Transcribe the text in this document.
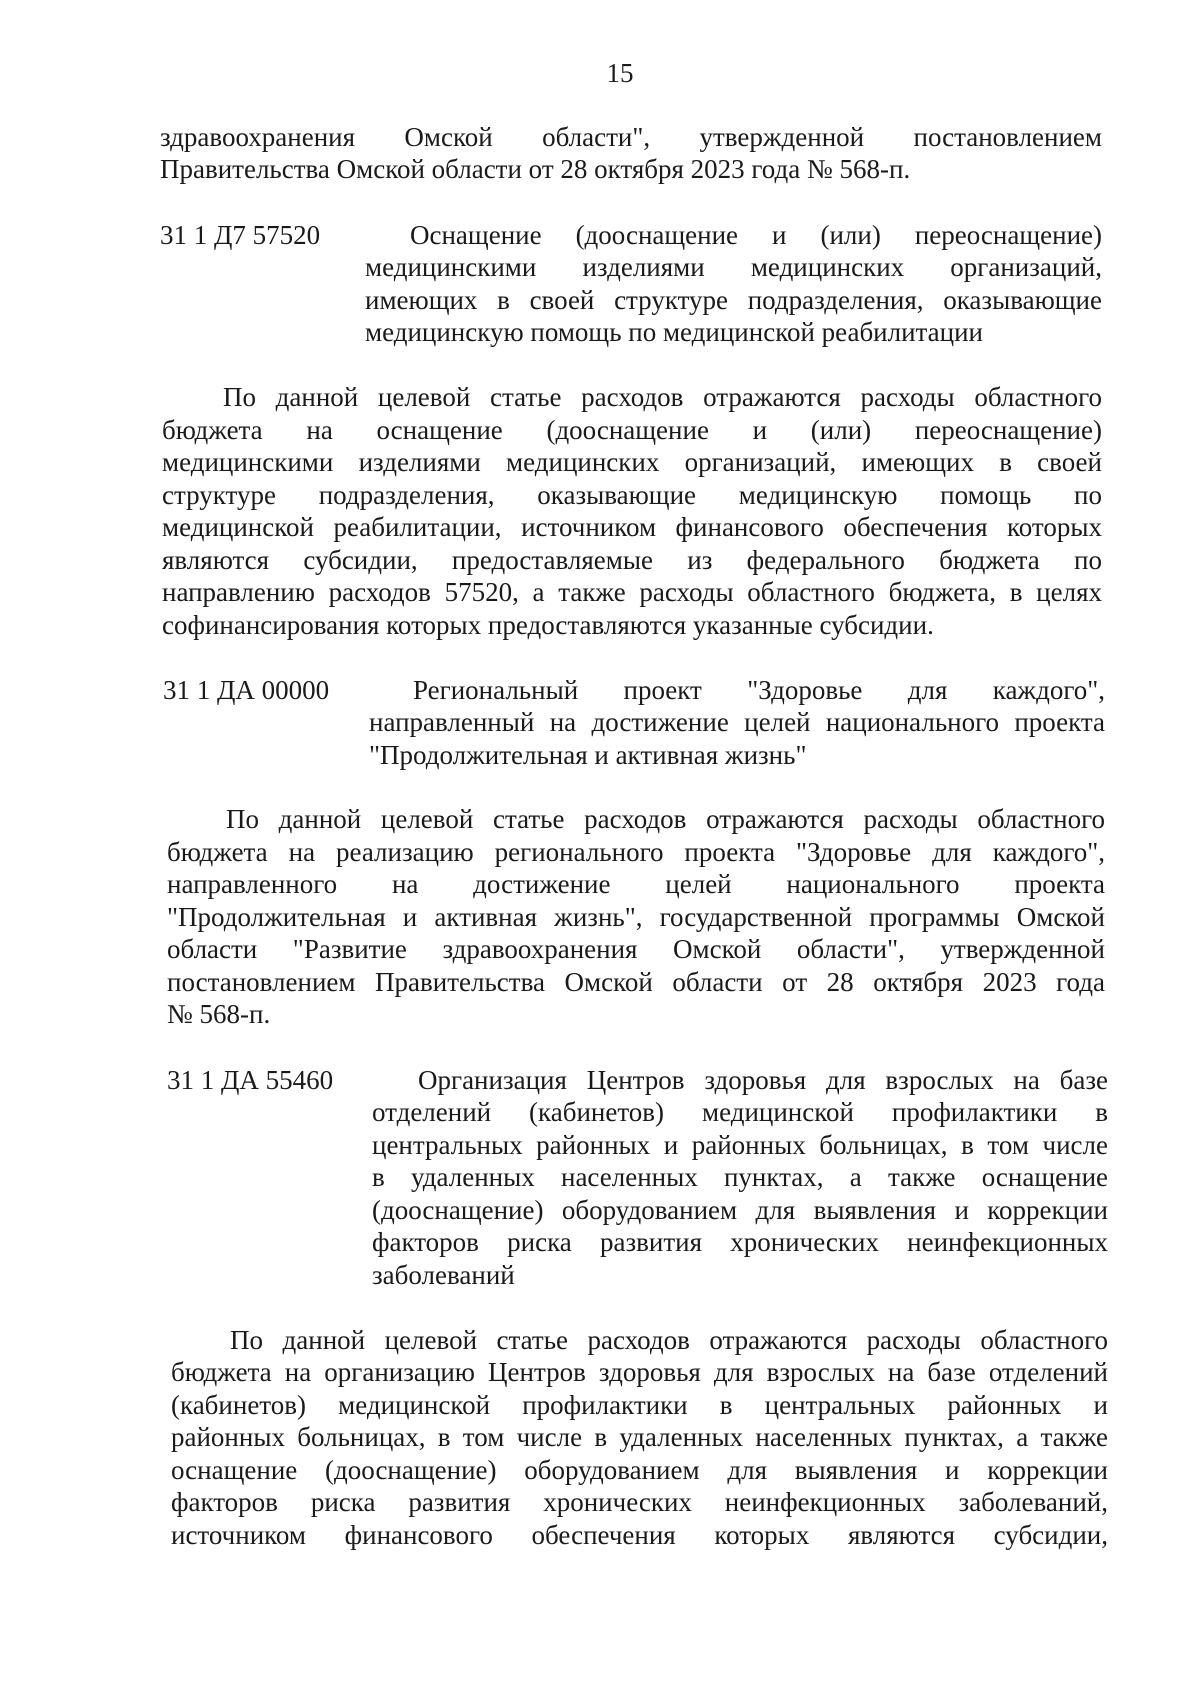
15
здравоохранения Омской области", утвержденной постановлением
Правительства Омской области от 28 октября 2023 года № 568-п.
31 1 Д7 57520	Оснащение (дооснащение и (или) переоснащение)
медицинскими изделиями медицинских организаций,
имеющих в своей структуре подразделения, оказывающие
медицинскую помощь по медицинской реабилитации
По данной целевой статье расходов отражаются расходы областного
бюджета на оснащение (дооснащение и (или) переоснащение)
медицинскими изделиями медицинских организаций, имеющих в своей
структуре подразделения, оказывающие медицинскую помощь по
медицинской реабилитации, источником финансового обеспечения которых
являются субсидии, предоставляемые из федерального бюджета по
направлению расходов 57520, а также расходы областного бюджета, в целях
софинансирования которых предоставляются указанные субсидии.
31 1 ДА 00000	Региональный проект "Здоровье для каждого",
направленный на достижение целей национального проекта
"Продолжительная и активная жизнь"
По данной целевой статье расходов отражаются расходы областного
бюджета на реализацию регионального проекта "Здоровье для каждого",
направленного на достижение целей национального проекта
"Продолжительная и активная жизнь", государственной программы Омской
области "Развитие здравоохранения Омской области", утвержденной
постановлением Правительства Омской области от 28 октября 2023 года
№ 568-п.
31 1 ДА 55460	Организация Центров здоровья для взрослых на базе
отделений (кабинетов) медицинской профилактики в
центральных районных и районных больницах, в том числе
в удаленных населенных пунктах, а также оснащение
(дооснащение) оборудованием для выявления и коррекции
факторов риска развития хронических неинфекционных
заболеваний
По данной целевой статье расходов отражаются расходы областного
бюджета на организацию Центров здоровья для взрослых на базе отделений
(кабинетов) медицинской профилактики в центральных районных и
районных больницах, в том числе в удаленных населенных пунктах, а также
оснащение (дооснащение) оборудованием для выявления и коррекции
факторов риска развития хронических неинфекционных заболеваний,
источником финансового обеспечения которых являются субсидии,
